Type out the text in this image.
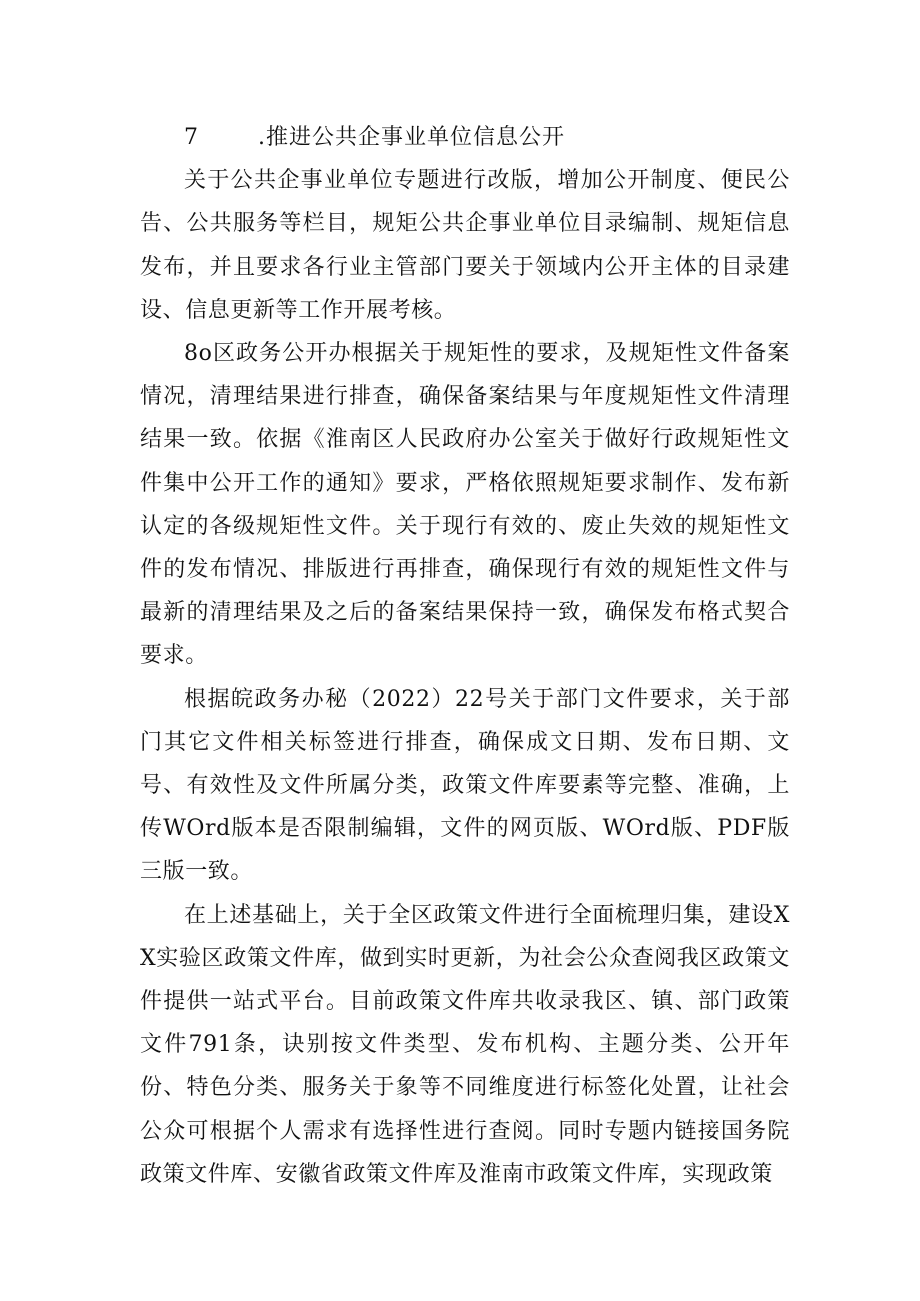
7	.推进公共企事业单位信息公开

关于公共企事业单位专题进行改版，增加公开制度、便民公告、公共服务等栏目，规矩公共企事业单位目录编制、规矩信息发布，并且要求各行业主管部门要关于领域内公开主体的目录建设、信息更新等工作开展考核。

8o区政务公开办根据关于规矩性的要求，及规矩性文件备案情况，清理结果进行排查，确保备案结果与年度规矩性文件清理结果一致。依据《淮南区人民政府办公室关于做好行政规矩性文件集中公开工作的通知》要求，严格依照规矩要求制作、发布新认定的各级规矩性文件。关于现行有效的、废止失效的规矩性文件的发布情况、排版进行再排查，确保现行有效的规矩性文件与最新的清理结果及之后的备案结果保持一致，确保发布格式契合要求。

根据皖政务办秘（2022）22号关于部门文件要求，关于部门其它文件相关标签进行排查，确保成文日期、发布日期、文号、有效性及文件所属分类，政策文件库要素等完整、准确，上传WOrd版本是否限制编辑，文件的网页版、WOrd版、PDF版三版一致。

在上述基础上，关于全区政策文件进行全面梳理归集，建设XX实验区政策文件库，做到实时更新，为社会公众查阅我区政策文件提供一站式平台。目前政策文件库共收录我区、镇、部门政策文件791条，诀别按文件类型、发布机构、主题分类、公开年份、特色分类、服务关于象等不同维度进行标签化处置，让社会公众可根据个人需求有选择性进行查阅。同时专题内链接国务院政策文件库、安徽省政策文件库及淮南市政策文件库，实现政策
